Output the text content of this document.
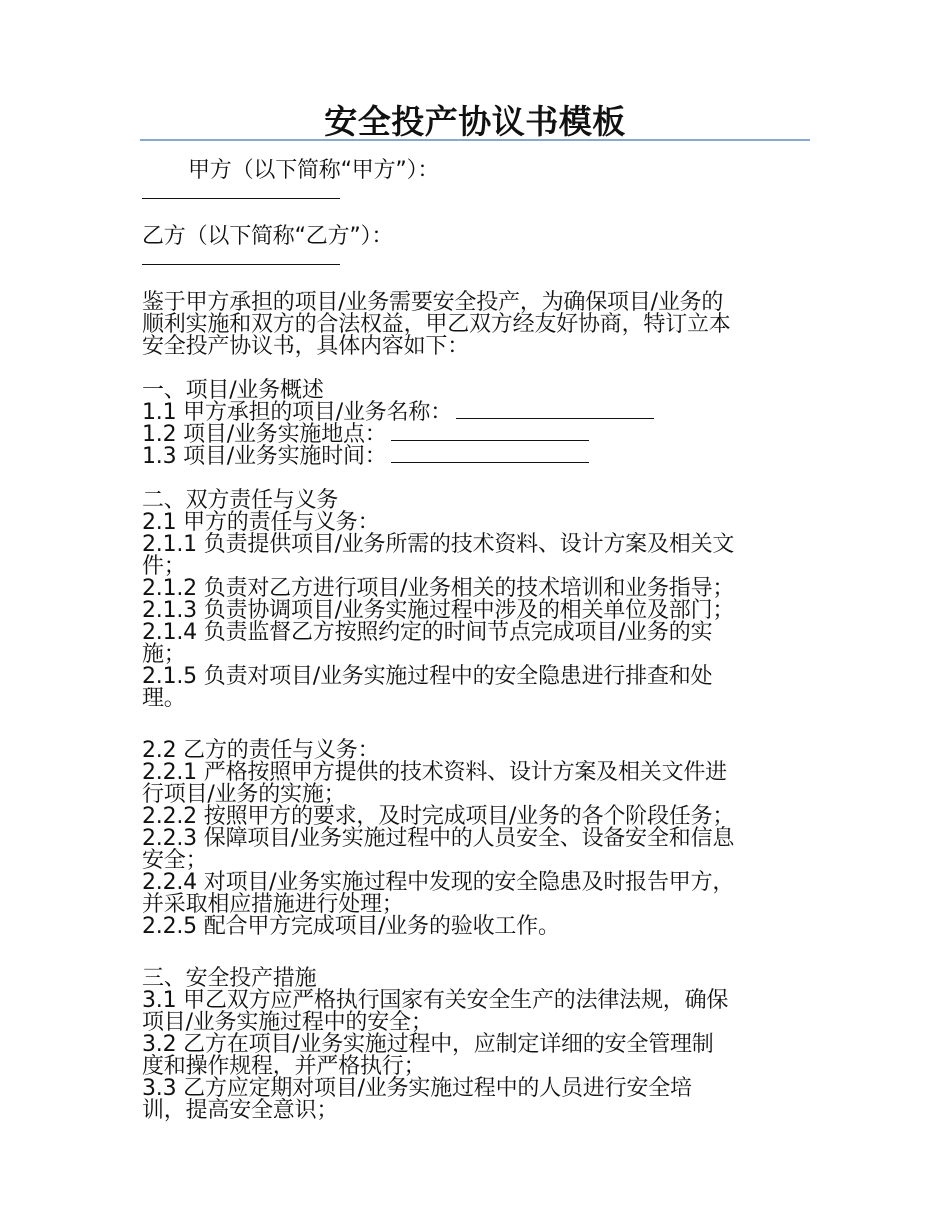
安全投产协议书模板
甲方（以下简称“甲方”）：
乙方（以下简称“乙方”）：
鉴于甲方承担的项目/业务需要安全投产，为确保项目/业务的
顺利实施和双方的合法权益，甲乙双方经友好协商，特订立本
安全投产协议书，具体内容如下：
一、项目/业务概述
1.1 甲方承担的项目/业务名称：
1.2 项目/业务实施地点：
1.3 项目/业务实施时间：
二、双方责任与义务
2.1 甲方的责任与义务：
2.1.1 负责提供项目/业务所需的技术资料、设计方案及相关文
件；
2.1.2 负责对乙方进行项目/业务相关的技术培训和业务指导；
2.1.3 负责协调项目/业务实施过程中涉及的相关单位及部门；
2.1.4 负责监督乙方按照约定的时间节点完成项目/业务的实
施；
2.1.5 负责对项目/业务实施过程中的安全隐患进行排查和处
理。
2.2 乙方的责任与义务：
2.2.1 严格按照甲方提供的技术资料、设计方案及相关文件进
行项目/业务的实施；
2.2.2 按照甲方的要求，及时完成项目/业务的各个阶段任务；
2.2.3 保障项目/业务实施过程中的人员安全、设备安全和信息
安全；
2.2.4 对项目/业务实施过程中发现的安全隐患及时报告甲方，
并采取相应措施进行处理；
2.2.5 配合甲方完成项目/业务的验收工作。
三、安全投产措施
3.1 甲乙双方应严格执行国家有关安全生产的法律法规，确保
项目/业务实施过程中的安全；
3.2 乙方在项目/业务实施过程中，应制定详细的安全管理制
度和操作规程，并严格执行；
3.3 乙方应定期对项目/业务实施过程中的人员进行安全培
训，提高安全意识；
